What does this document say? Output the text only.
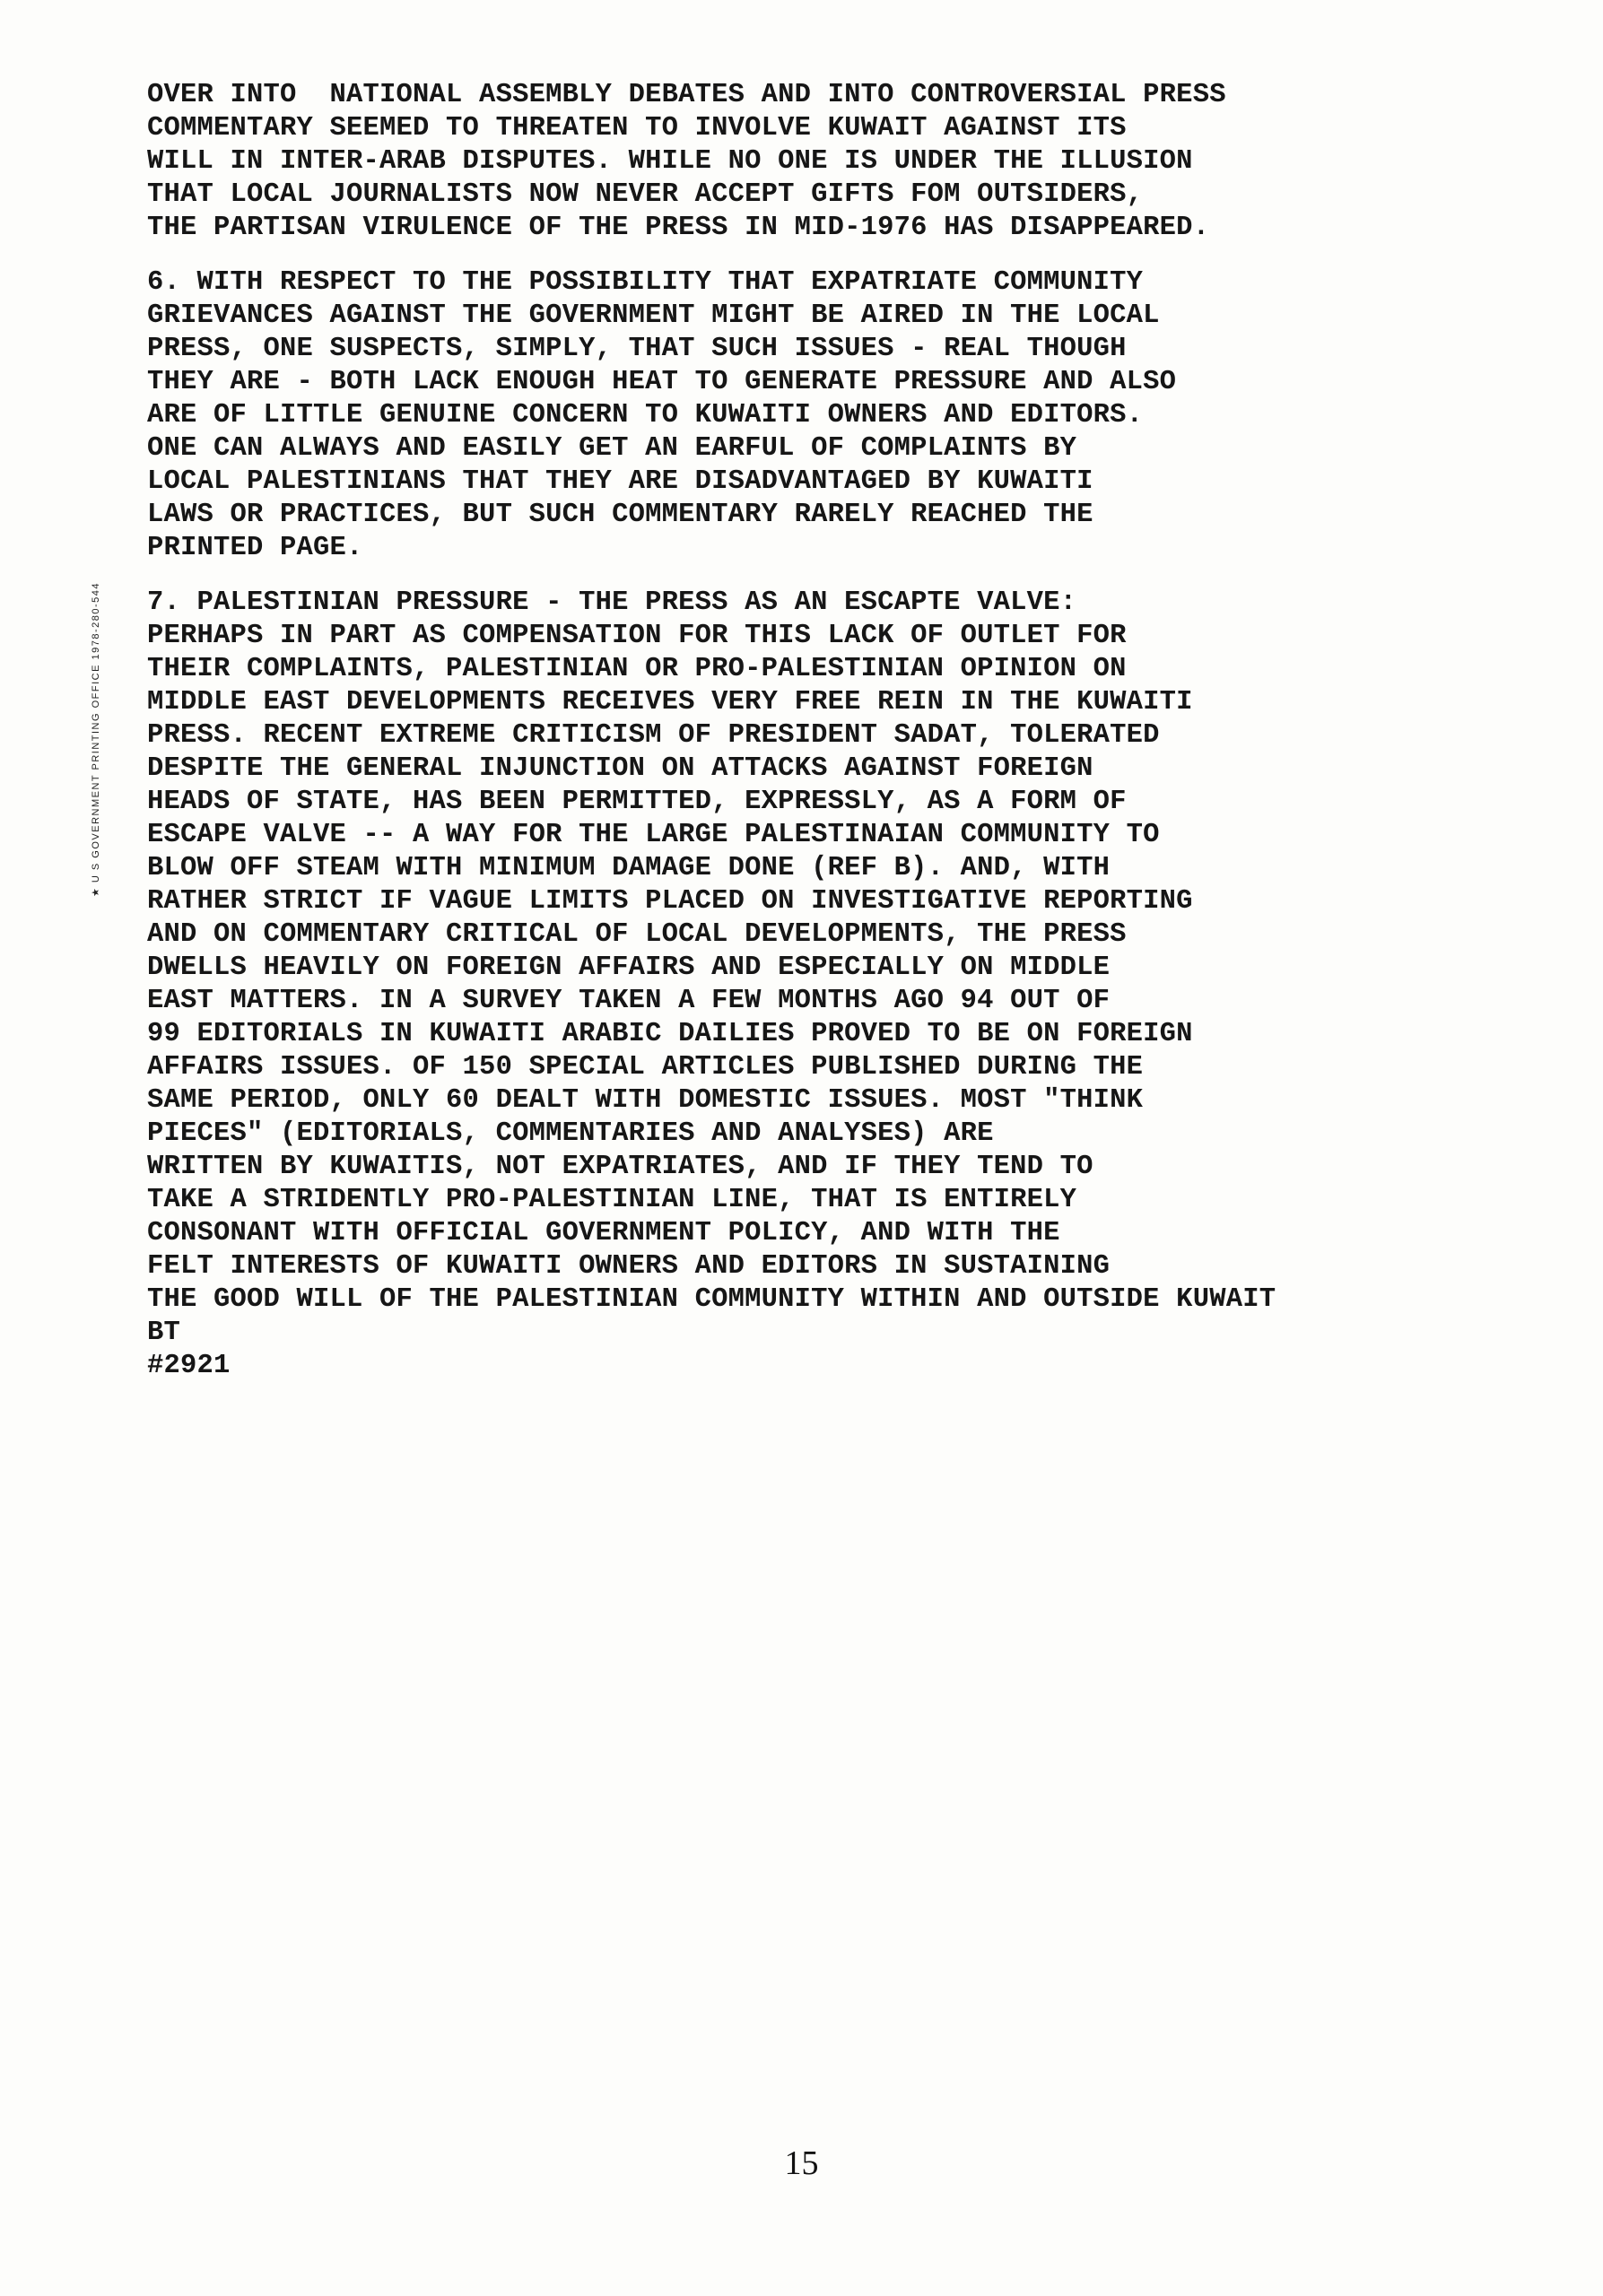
★ U S GOVERNMENT PRINTING OFFICE 1978-280-544
OVER INTO  NATIONAL ASSEMBLY DEBATES AND INTO CONTROVERSIAL PRESS
COMMENTARY SEEMED TO THREATEN TO INVOLVE KUWAIT AGAINST ITS
WILL IN INTER-ARAB DISPUTES. WHILE NO ONE IS UNDER THE ILLUSION
THAT LOCAL JOURNALISTS NOW NEVER ACCEPT GIFTS FOM OUTSIDERS,
THE PARTISAN VIRULENCE OF THE PRESS IN MID-1976 HAS DISAPPEARED.
6. WITH RESPECT TO THE POSSIBILITY THAT EXPATRIATE COMMUNITY
GRIEVANCES AGAINST THE GOVERNMENT MIGHT BE AIRED IN THE LOCAL
PRESS, ONE SUSPECTS, SIMPLY, THAT SUCH ISSUES - REAL THOUGH
THEY ARE - BOTH LACK ENOUGH HEAT TO GENERATE PRESSURE AND ALSO
ARE OF LITTLE GENUINE CONCERN TO KUWAITI OWNERS AND EDITORS.
ONE CAN ALWAYS AND EASILY GET AN EARFUL OF COMPLAINTS BY
LOCAL PALESTINIANS THAT THEY ARE DISADVANTAGED BY KUWAITI
LAWS OR PRACTICES, BUT SUCH COMMENTARY RARELY REACHED THE
PRINTED PAGE.
7. PALESTINIAN PRESSURE - THE PRESS AS AN ESCAPTE VALVE:
PERHAPS IN PART AS COMPENSATION FOR THIS LACK OF OUTLET FOR
THEIR COMPLAINTS, PALESTINIAN OR PRO-PALESTINIAN OPINION ON
MIDDLE EAST DEVELOPMENTS RECEIVES VERY FREE REIN IN THE KUWAITI
PRESS. RECENT EXTREME CRITICISM OF PRESIDENT SADAT, TOLERATED
DESPITE THE GENERAL INJUNCTION ON ATTACKS AGAINST FOREIGN
HEADS OF STATE, HAS BEEN PERMITTED, EXPRESSLY, AS A FORM OF
ESCAPE VALVE -- A WAY FOR THE LARGE PALESTINAIAN COMMUNITY TO
BLOW OFF STEAM WITH MINIMUM DAMAGE DONE (REF B). AND, WITH
RATHER STRICT IF VAGUE LIMITS PLACED ON INVESTIGATIVE REPORTING
AND ON COMMENTARY CRITICAL OF LOCAL DEVELOPMENTS, THE PRESS
DWELLS HEAVILY ON FOREIGN AFFAIRS AND ESPECIALLY ON MIDDLE
EAST MATTERS. IN A SURVEY TAKEN A FEW MONTHS AGO 94 OUT OF
99 EDITORIALS IN KUWAITI ARABIC DAILIES PROVED TO BE ON FOREIGN
AFFAIRS ISSUES. OF 150 SPECIAL ARTICLES PUBLISHED DURING THE
SAME PERIOD, ONLY 60 DEALT WITH DOMESTIC ISSUES. MOST "THINK
PIECES" (EDITORIALS, COMMENTARIES AND ANALYSES) ARE
WRITTEN BY KUWAITIS, NOT EXPATRIATES, AND IF THEY TEND TO
TAKE A STRIDENTLY PRO-PALESTINIAN LINE, THAT IS ENTIRELY
CONSONANT WITH OFFICIAL GOVERNMENT POLICY, AND WITH THE
FELT INTERESTS OF KUWAITI OWNERS AND EDITORS IN SUSTAINING
THE GOOD WILL OF THE PALESTINIAN COMMUNITY WITHIN AND OUTSIDE KUWAIT
BT
#2921
15
